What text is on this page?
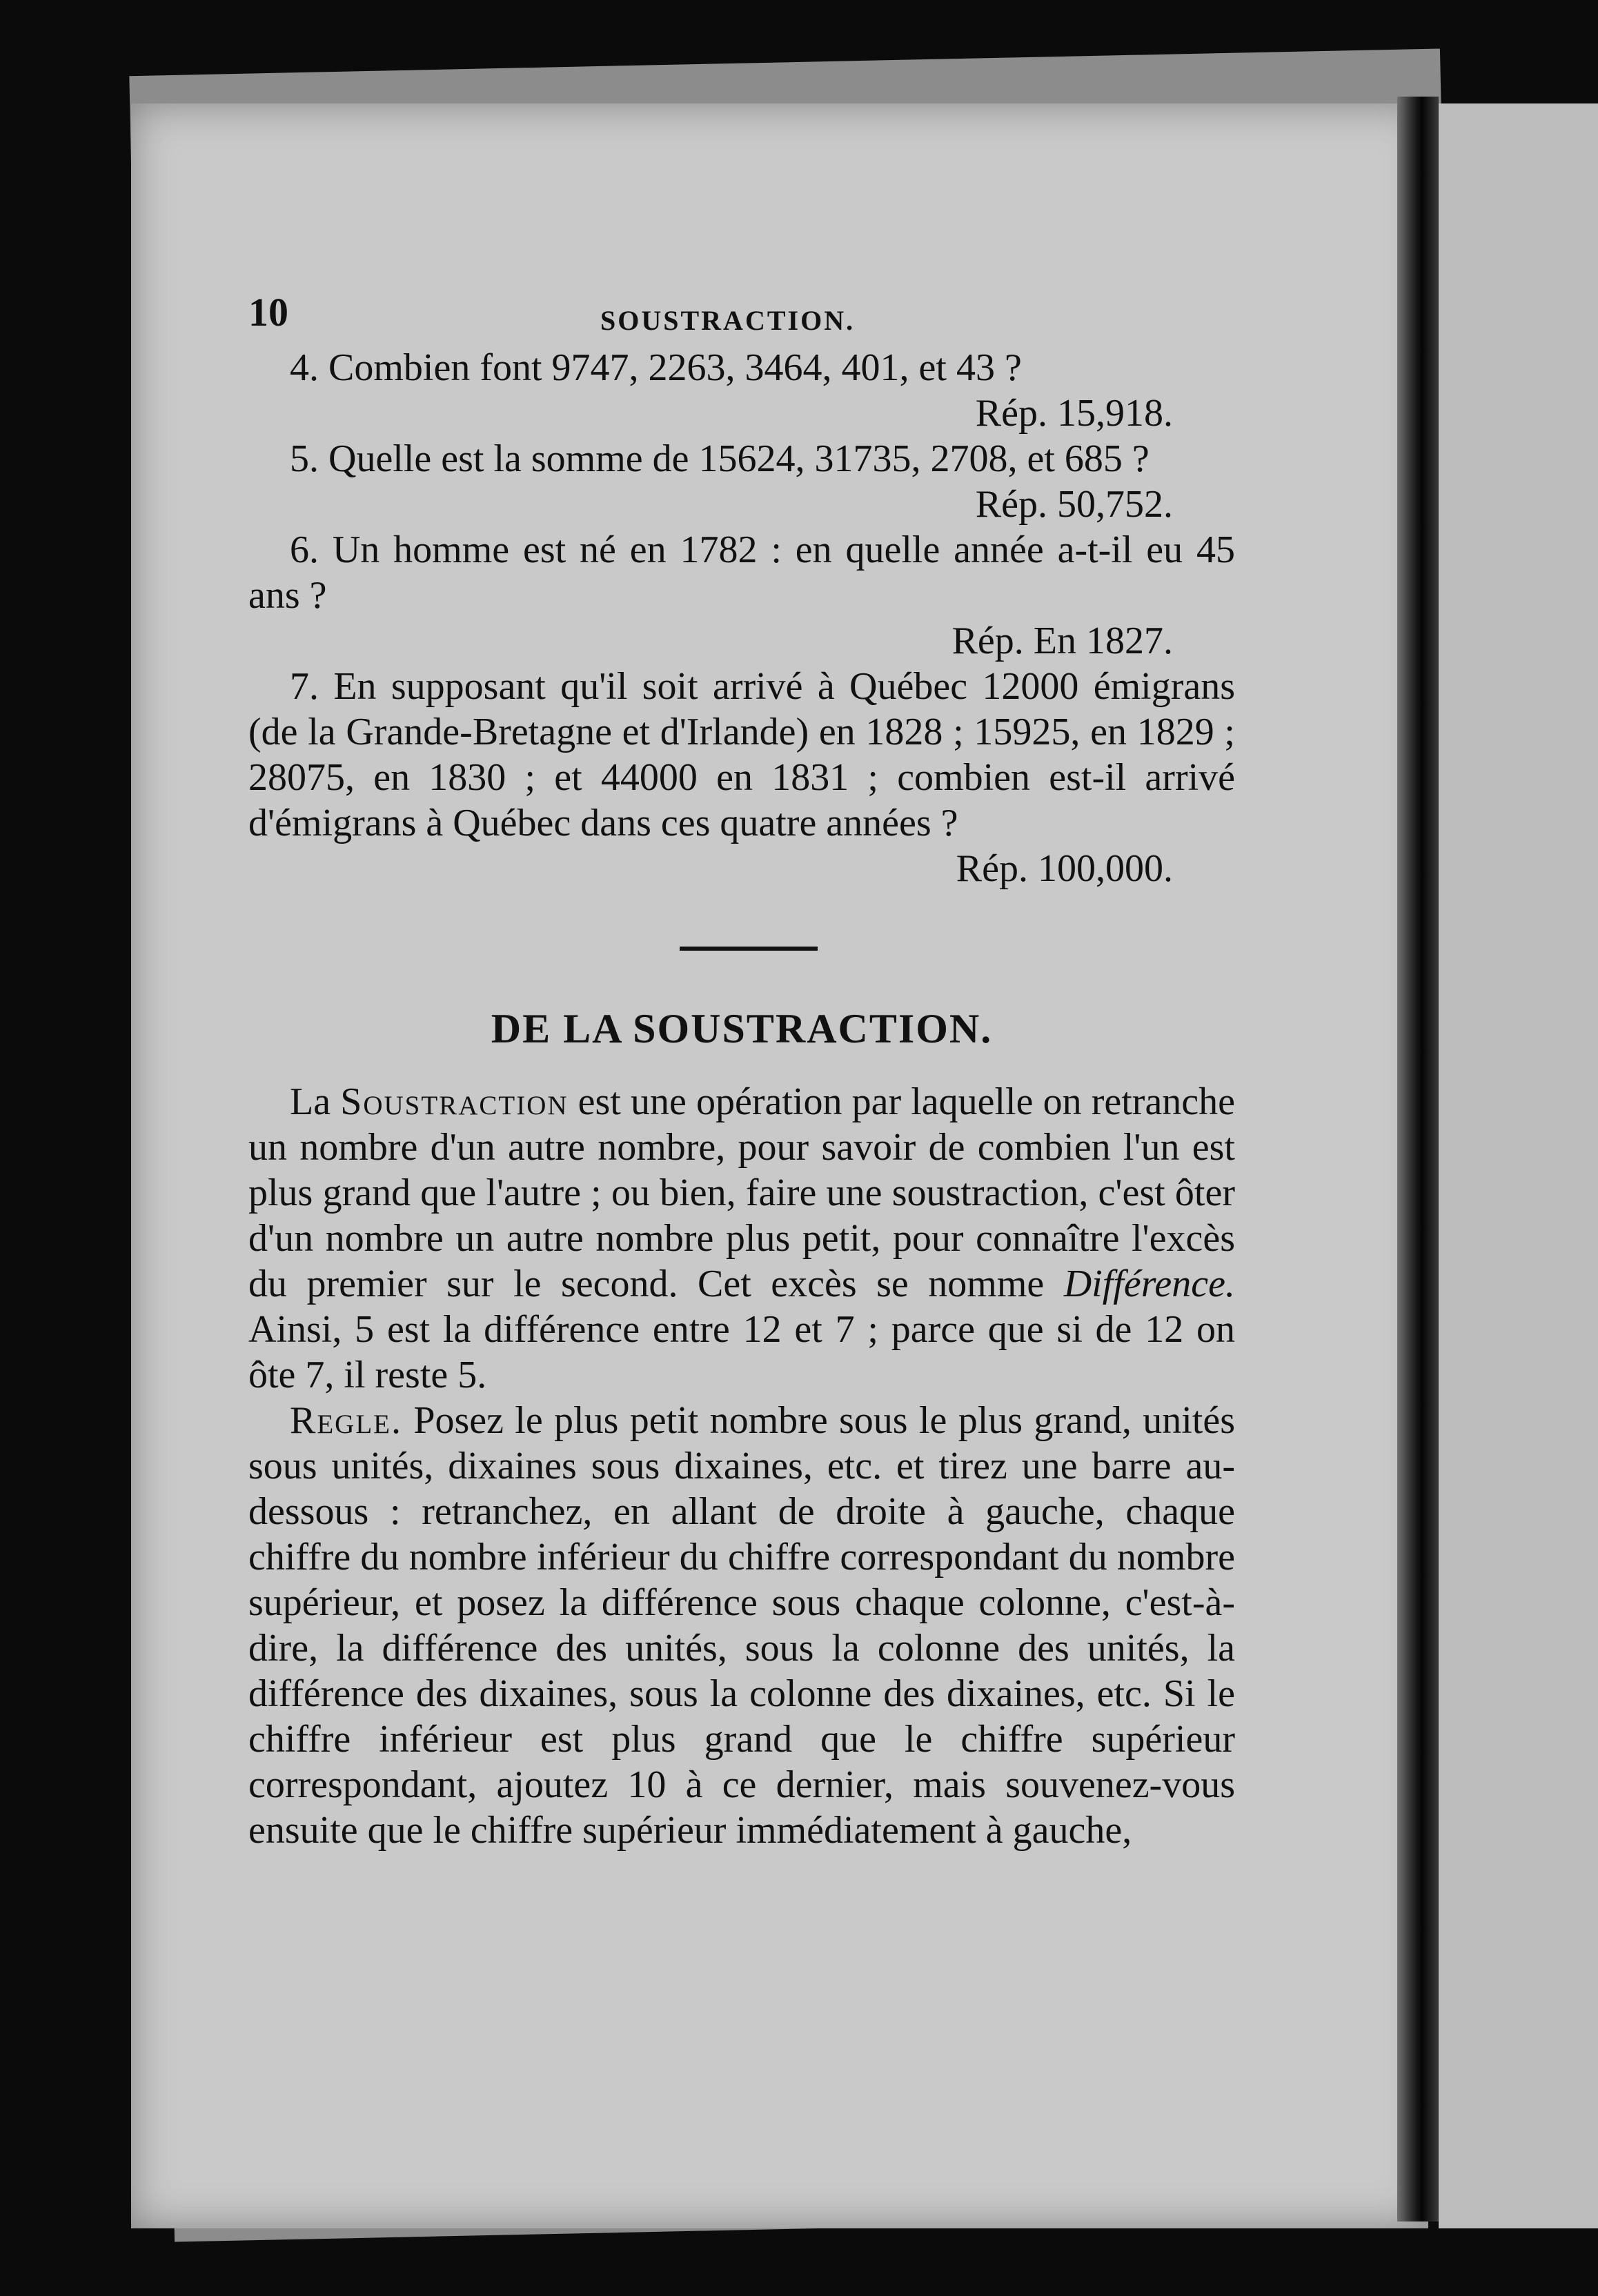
10	SOUSTRACTION.

4. Combien font 9747, 2263, 3464, 401, et 43 ?

Rép. 15,918.

5. Quelle est la somme de 15624, 31735, 2708, et 685 ?

Rép. 50,752.

6. Un homme est né en 1782 : en quelle année a-t-il eu 45 ans ?

Rép. En 1827.

7. En supposant qu'il soit arrivé à Québec 12000 émigrans (de la Grande-Bretagne et d'Irlande) en 1828 ; 15925, en 1829 ; 28075, en 1830 ; et 44000 en 1831 ; combien est-il arrivé d'émigrans à Québec dans ces quatre années ?

Rép. 100,000.

DE LA SOUSTRACTION.

La Soustraction est une opération par laquelle on retranche un nombre d'un autre nombre, pour savoir de combien l'un est plus grand que l'autre ; ou bien, faire une soustraction, c'est ôter d'un nombre un autre nombre plus petit, pour connaître l'excès du premier sur le second. Cet excès se nomme Différence. Ainsi, 5 est la différence entre 12 et 7 ; parce que si de 12 on ôte 7, il reste 5.

Regle. Posez le plus petit nombre sous le plus grand, unités sous unités, dixaines sous dixaines, etc. et tirez une barre au-dessous : retranchez, en allant de droite à gauche, chaque chiffre du nombre inférieur du chiffre correspondant du nombre supérieur, et posez la différence sous chaque colonne, c'est-à-dire, la différence des unités, sous la colonne des unités, la différence des dixaines, sous la colonne des dixaines, etc. Si le chiffre inférieur est plus grand que le chiffre supérieur correspondant, ajoutez 10 à ce dernier, mais souvenez-vous ensuite que le chiffre supérieur immédiatement à gauche,
